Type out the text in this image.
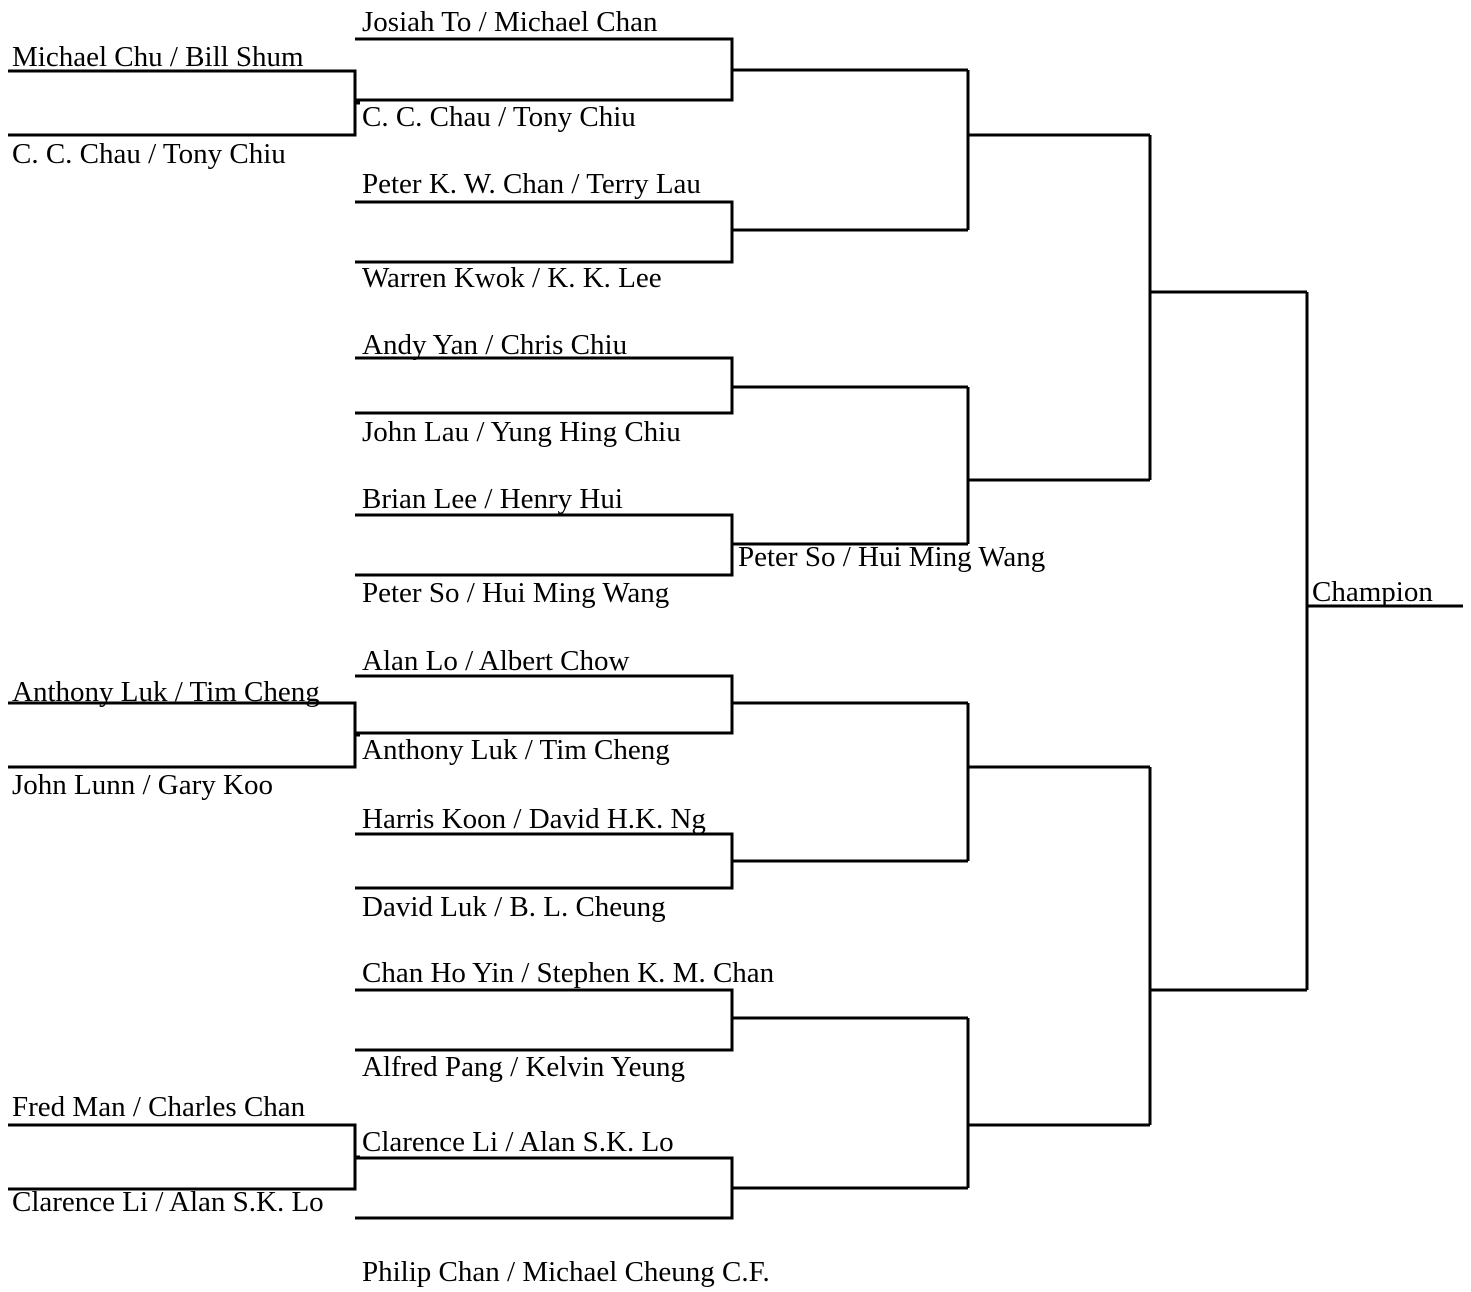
Michael Chu / Bill Shum
C. C. Chau / Tony Chiu
Anthony Luk / Tim Cheng
John Lunn / Gary Koo
Fred Man / Charles Chan
Clarence Li / Alan S.K. Lo
Josiah To / Michael Chan
C. C. Chau / Tony Chiu
Peter K. W. Chan / Terry Lau
Warren Kwok / K. K. Lee
Andy Yan / Chris Chiu
John Lau / Yung Hing Chiu
Brian Lee / Henry Hui
Peter So / Hui Ming Wang
Alan Lo / Albert Chow
Anthony Luk / Tim Cheng
Harris Koon / David H.K. Ng
David Luk / B. L. Cheung
Chan Ho Yin / Stephen K. M. Chan
Alfred Pang / Kelvin Yeung
Clarence Li / Alan S.K. Lo
Philip Chan / Michael Cheung C.F.
Peter So / Hui Ming Wang
Champion
